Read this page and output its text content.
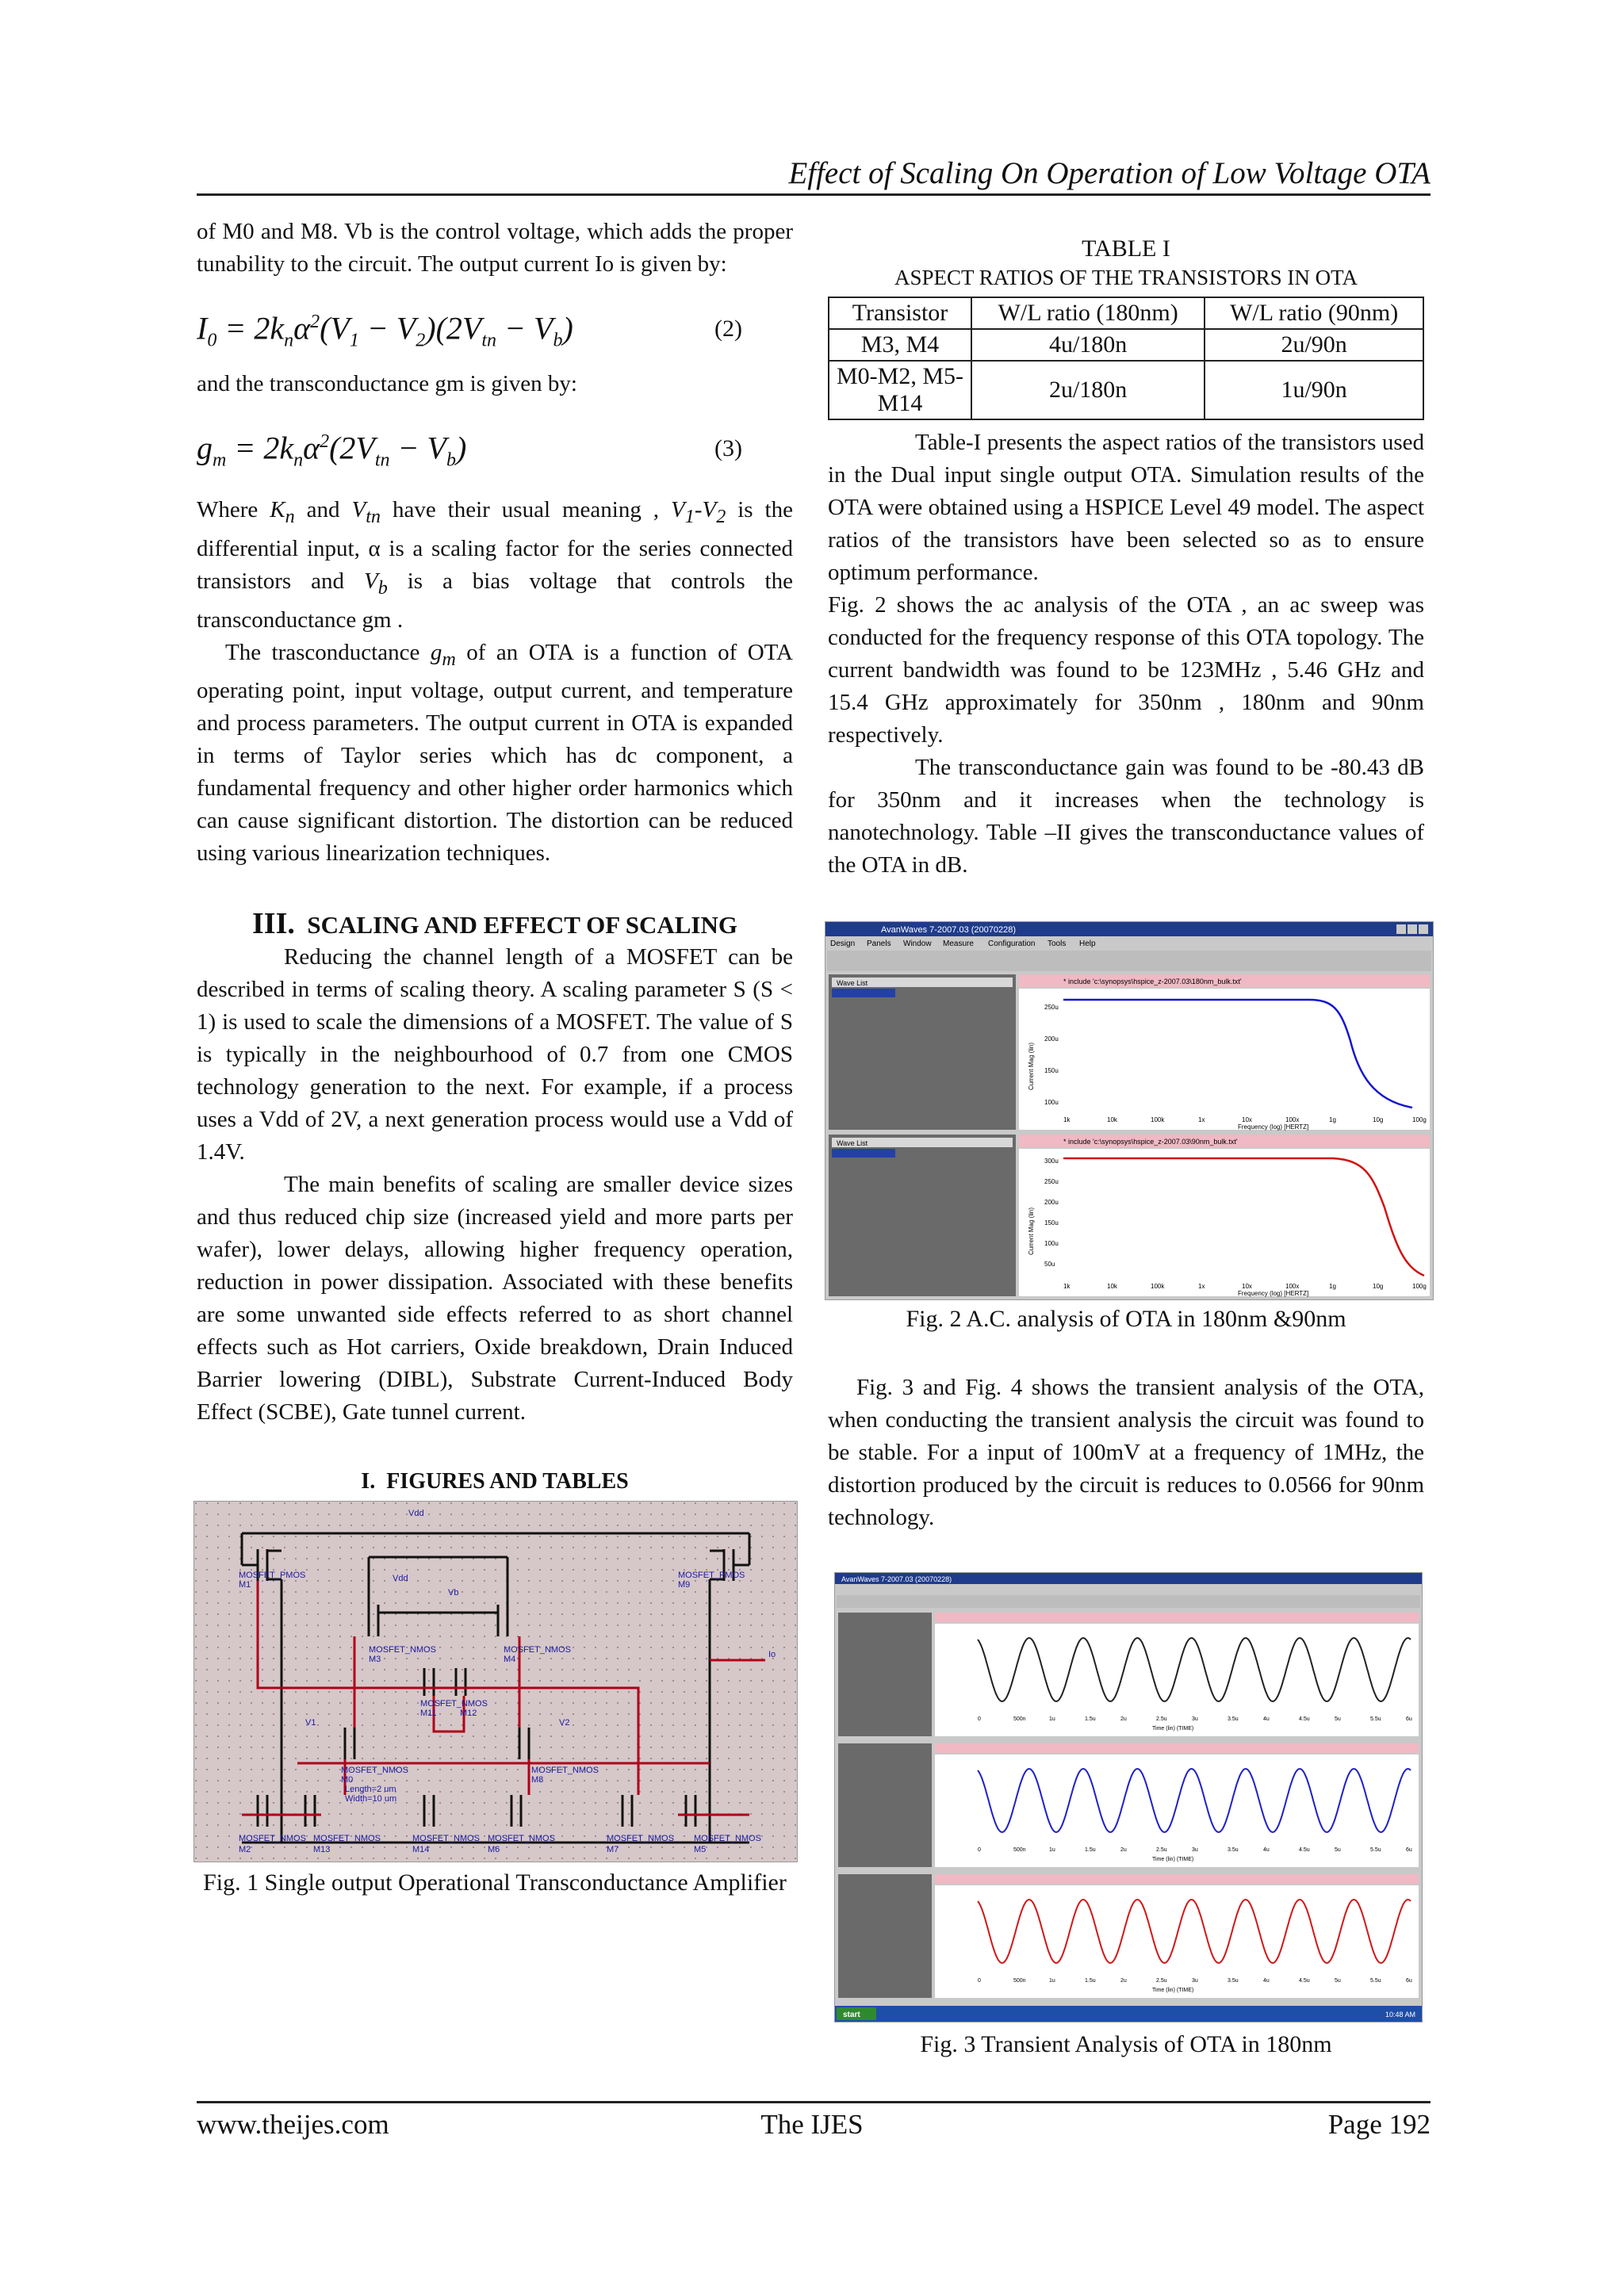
Effect of Scaling On Operation of Low Voltage OTA

of M0 and M8. Vb is the control voltage, which adds the proper tunability to the circuit. The output current Io is given by:

$I_0 = 2k_n\alpha^2(V_1 - V_2)(2V_{tn} - V_b)$	(2)

and the transconductance gm is given by:

$g_m = 2k_n\alpha^2(2V_{tn} - V_b)$	(3)

Where $K_n$ and $V_{tn}$ have their usual meaning , $V_1-V_2$ is the differential input, α is a scaling factor for the series connected transistors and $V_b$ is a bias voltage that controls the transconductance gm .

The trasconductance $g_m$ of an OTA is a function of OTA operating point, input voltage, output current, and temperature and process parameters. The output current in OTA is expanded in terms of Taylor series which has dc component, a fundamental frequency and other higher order harmonics which can cause significant distortion. The distortion can be reduced using various linearization techniques.

III. SCALING AND EFFECT OF SCALING

Reducing the channel length of a MOSFET can be described in terms of scaling theory. A scaling parameter S (S < 1) is used to scale the dimensions of a MOSFET. The value of S is typically in the neighbourhood of 0.7 from one CMOS technology generation to the next. For example, if a process uses a Vdd of 2V, a next generation process would use a Vdd of 1.4V.

The main benefits of scaling are smaller device sizes and thus reduced chip size (increased yield and more parts per wafer), lower delays, allowing higher frequency operation, reduction in power dissipation. Associated with these benefits are some unwanted side effects referred to as short channel effects such as Hot carriers, Oxide breakdown, Drain Induced Barrier lowering (DIBL), Substrate Current-Induced Body Effect (SCBE), Gate tunnel current.

I. FIGURES AND TABLES
Vdd
Vdd
Vb
Io
V1	V2
MOSFET_PMOS
M1
MOSFET_PMOS
M9
MOSFET_NMOS
M3
MOSFET_NMOS
M4
MOSFET_NMOS
M11	M12
MOSFET_NMOS
M0
MOSFET_NMOS
M8
Length=2 um
Width=10 um
MOSFET_NMOS
M2
MOSFET_NMOS
M13
MOSFET_NMOS
M14
MOSFET_NMOS
M6
MOSFET_NMOS
M7
MOSFET_NMOS
M5

Fig. 1 Single output Operational Transconductance Amplifier

TABLE I

ASPECT RATIOS OF THE TRANSISTORS IN OTA

Transistor	W/L ratio (180nm)	W/L ratio (90nm)
M3, M4	4u/180n	2u/90n
M0-M2, M5-M14	2u/180n	1u/90n

Table-I presents the aspect ratios of the transistors used in the Dual input single output OTA. Simulation results of the OTA were obtained using a HSPICE Level 49 model. The aspect ratios of the transistors have been selected so as to ensure optimum performance.

Fig. 2 shows the ac analysis of the OTA , an ac sweep was conducted for the frequency response of this OTA topology. The current bandwidth was found to be 123MHz , 5.46 GHz and 15.4 GHz approximately for 350nm , 180nm and 90nm respectively.

The transconductance gain was found to be -80.43 dB for 350nm and it increases when the technology is nanotechnology. Table –II gives the transconductance values of the OTA in dB.

AvanWaves 7-2007.03 (20070228)
Design Panels Window Measure Configuration Tools Help
Wave List	* include 'c:\synopsys\hspice_z-2007.03\180nm_bulk.txt'
Current Mag (lin)
250u
200u
150u
100u
1k	10k	100k	1x	10x	100x	1g	10g	100g
Frequency (log) [HERTZ]
Wave List	* include 'c:\synopsys\hspice_z-2007.03\90nm_bulk.txt'
Current Mag (lin)
300u
250u
200u
150u
100u
50u
1k	10k	100k	1x	10x	100x	1g	10g	100g
Frequency (log) [HERTZ]

Fig. 2 A.C. analysis of OTA in 180nm &90nm

Fig. 3 and Fig. 4 shows the transient analysis of the OTA, when conducting the transient analysis the circuit was found to be stable. For a input of 100mV at a frequency of 1MHz, the distortion produced by the circuit is reduces to 0.0566 for 90nm technology.

AvanWaves 7-2007.03 (20070228)
0	500n	1u	1.5u	2u	2.5u	3u	3.5u	4u	4.5u	5u	5.5u	6u
Time (lin) (TIME)
0	500n	1u	1.5u	2u	2.5u	3u	3.5u	4u	4.5u	5u	5.5u	6u
Time (lin) (TIME)
0	500n	1u	1.5u	2u	2.5u	3u	3.5u	4u	4.5u	5u	5.5u	6u
Time (lin) (TIME)
start	10:48 AM

Fig. 3 Transient Analysis of OTA in 180nm

www.theijes.com	The IJES	Page 192
